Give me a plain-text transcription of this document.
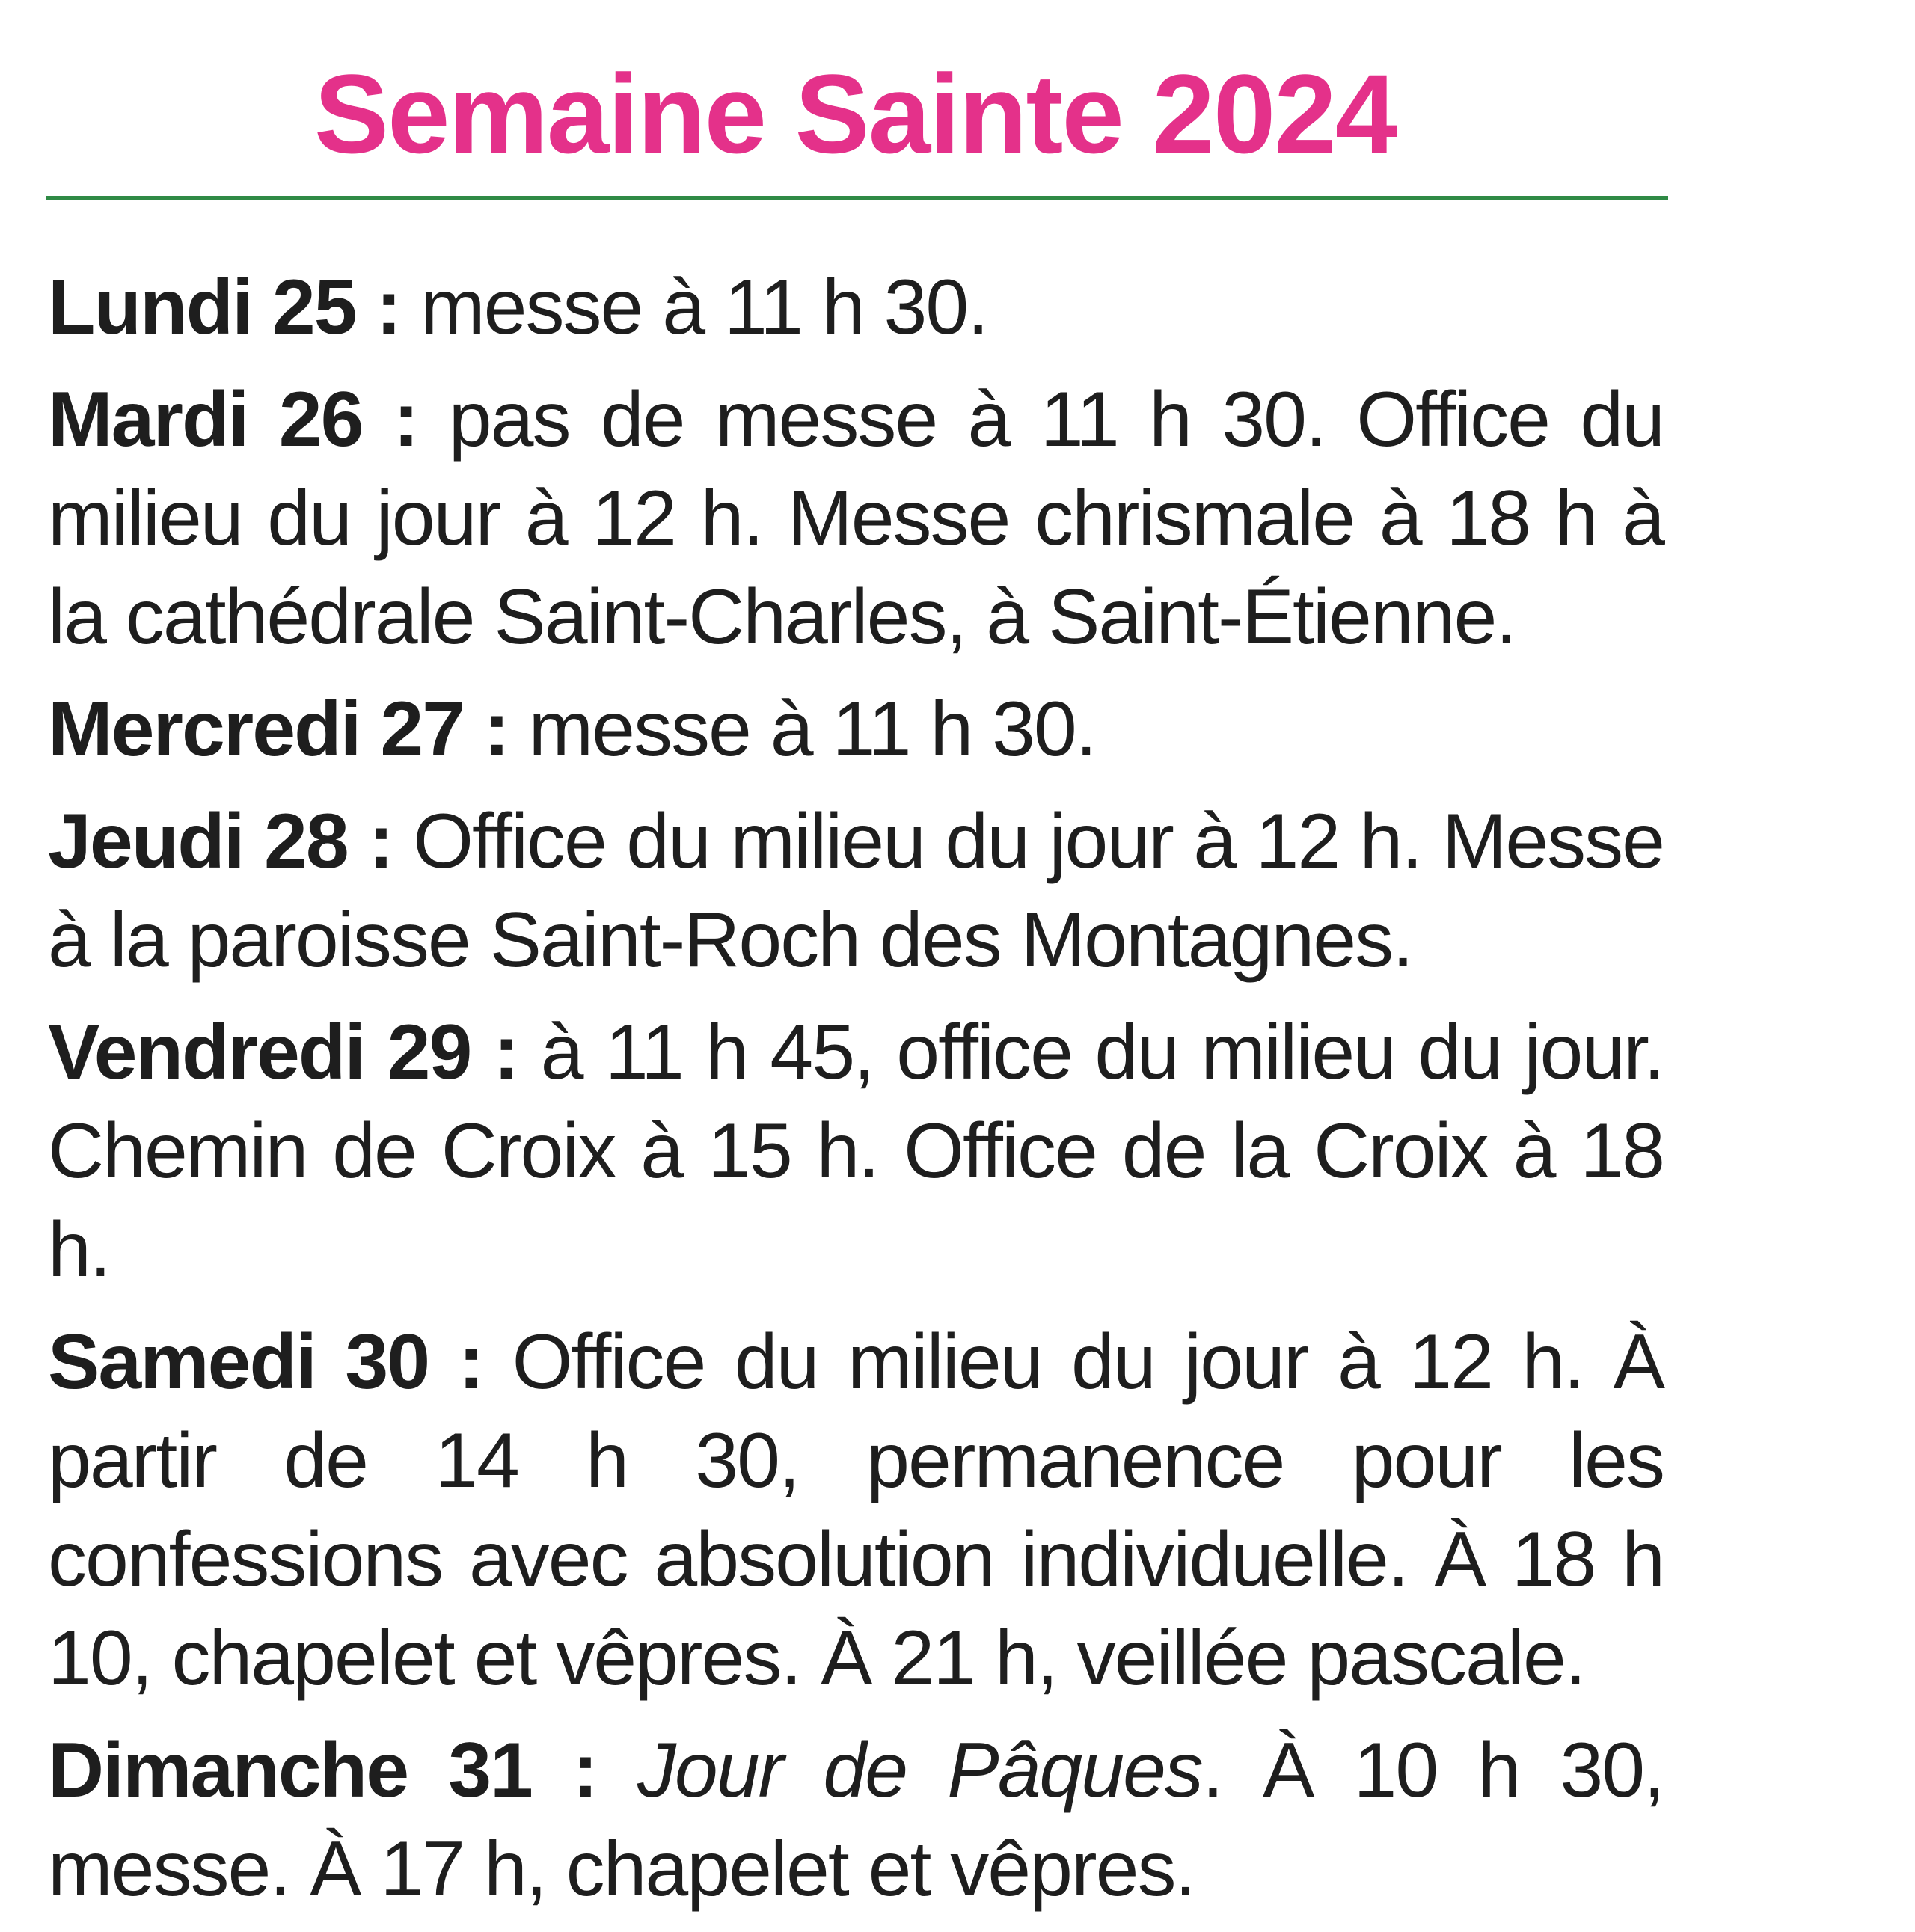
Semaine Sainte 2024

Lundi 25 : messe à 11 h 30.

Mardi 26 : pas de messe à 11 h 30. Office du milieu du jour à 12 h. Messe chrismale à 18 h à la cathédrale Saint-Charles, à Saint-Étienne.

Mercredi 27 : messe à 11 h 30.

Jeudi 28 : Office du milieu du jour à 12 h. Messe à la paroisse Saint-Roch des Montagnes.

Vendredi 29 : à 11 h 45, office du milieu du jour. Chemin de Croix à 15 h. Office de la Croix à 18 h.

Samedi 30 : Office du milieu du jour à 12 h. À partir de 14 h 30, permanence pour les confessions avec absolution individuelle. À 18 h 10, chapelet et vêpres. À 21 h, veillée pascale.

Dimanche 31 : Jour de Pâques. À 10 h 30, messe. À 17 h, chapelet et vêpres.
